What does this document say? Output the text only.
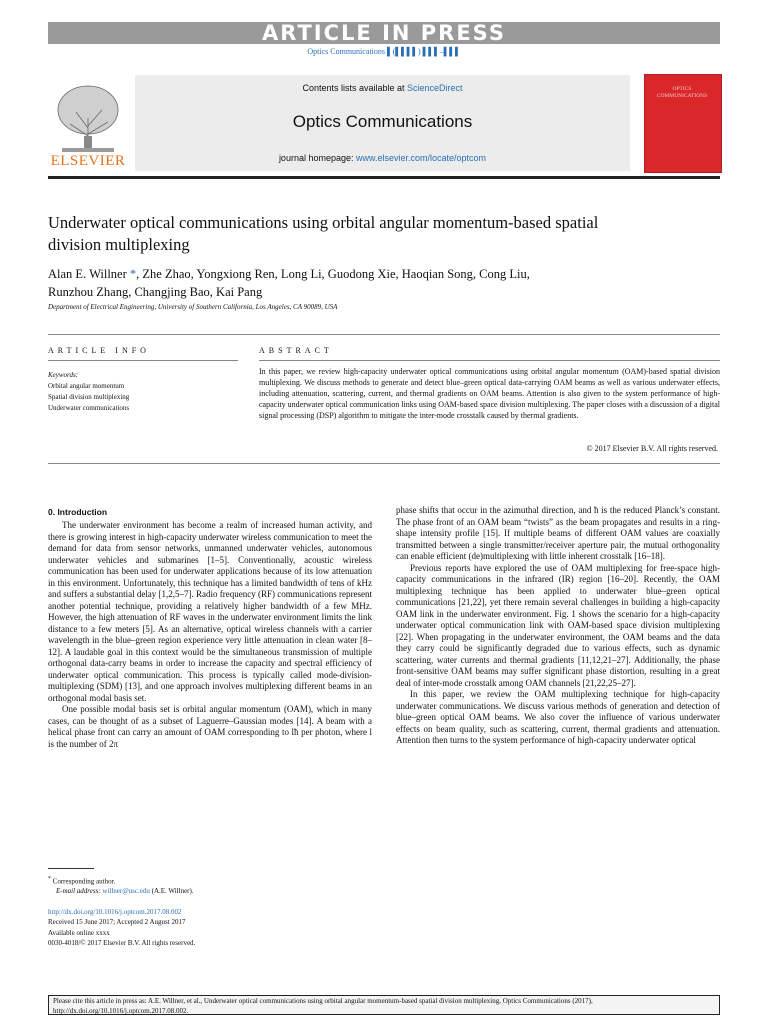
ARTICLE IN PRESS
Optics Communications ▌(▌▌▌▌) ▌▌▌–▌▌▌
Contents lists available at ScienceDirect
Optics Communications
journal homepage: www.elsevier.com/locate/optcom
ELSEVIER
OPTICS
COMMUNICATIONS
Underwater optical communications using orbital angular momentum-based spatial division multiplexing
Alan E. Willner *, Zhe Zhao, Yongxiong Ren, Long Li, Guodong Xie, Haoqian Song, Cong Liu,
Runzhou Zhang, Changjing Bao, Kai Pang
Department of Electrical Engineering, University of Southern California, Los Angeles, CA 90089, USA
ARTICLE INFO
Keywords:
Orbital angular momentum
Spatial division multiplexing
Underwater communications
ABSTRACT
In this paper, we review high-capacity underwater optical communications using orbital angular momentum (OAM)-based spatial division multiplexing. We discuss methods to generate and detect blue–green optical data-carrying OAM beams as well as various underwater effects, including attenuation, scattering, current, and thermal gradients on OAM beams. Attention is also given to the system performance of high-capacity underwater optical communication links using OAM-based space division multiplexing. The paper closes with a discussion of a digital signal processing (DSP) algorithm to mitigate the inter-mode crosstalk caused by thermal gradients.
© 2017 Elsevier B.V. All rights reserved.
0. Introduction

The underwater environment has become a realm of increased human activity, and there is growing interest in high-capacity underwater wireless communication to meet the demand for data from sensor networks, unmanned underwater vehicles, autonomous underwater vehicles and submarines [1–5]. Conventionally, acoustic wireless communication has been used for underwater applications because of its low attenuation in this environment. Unfortunately, this technique has a limited bandwidth of tens of kHz and suffers a substantial delay [1,2,5–7]. Radio frequency (RF) communications represent another potential technique, providing a relatively higher bandwidth of a few MHz. However, the high attenuation of RF waves in the underwater environment limits the link distance to a few meters [5]. As an alternative, optical wireless channels with a carrier wavelength in the blue–green region experience very little attenuation in clean water [8–12]. A laudable goal in this context would be the simultaneous transmission of multiple orthogonal data-carry beams in order to increase the capacity and spectral efficiency of underwater optical communication. This process is typically called mode-division-multiplexing (SDM) [13], and one approach involves multiplexing different beams in an orthogonal modal basis set.

One possible modal basis set is orbital angular momentum (OAM), which in many cases, can be thought of as a subset of Laguerre–Gaussian modes [14]. A beam with a helical phase front can carry an amount of OAM corresponding to lħ per photon, where l is the number of 2π

phase shifts that occur in the azimuthal direction, and ħ is the reduced Planck’s constant. The phase front of an OAM beam “twists” as the beam propagates and results in a ring-shape intensity profile [15]. If multiple beams of different OAM values are coaxially transmitted between a single transmitter/receiver aperture pair, the mutual orthogonality can enable efficient (de)multiplexing with little inherent crosstalk [16–18].

Previous reports have explored the use of OAM multiplexing for free-space high-capacity communications in the infrared (IR) region [16–20]. Recently, the OAM multiplexing technique has been applied to underwater blue–green optical communications [21,22], yet there remain several challenges in building a high-capacity OAM link in the underwater environment. Fig. 1 shows the scenario for a high-capacity underwater optical communication link with OAM-based space division multiplexing [22]. When propagating in the underwater environment, the OAM beams and the data they carry could be significantly degraded due to various effects, such as dynamic scattering, water currents and thermal gradients [11,12,21–27]. Additionally, the phase front-sensitive OAM beams may suffer significant phase distortion, resulting in a great deal of inter-mode crosstalk among OAM channels [21,22,25–27].

In this paper, we review the OAM multiplexing technique for high-capacity underwater communications. We discuss various methods of generation and detection of blue–green optical OAM beams. We also cover the influence of various underwater effects on beam quality, such as scattering, current, thermal gradients and attenuation. Attention then turns to the system performance of high-capacity underwater optical

* Corresponding author.
E-mail address: willner@usc.edu (A.E. Willner).
http://dx.doi.org/10.1016/j.optcom.2017.08.002
Received 15 June 2017; Accepted 2 August 2017
Available online xxxx
0030-4018/© 2017 Elsevier B.V. All rights reserved.
Please cite this article in press as: A.E. Willner, et al., Underwater optical communications using orbital angular momentum-based spatial division multiplexing, Optics Communications (2017), http://dx.doi.org/10.1016/j.optcom.2017.08.002.
